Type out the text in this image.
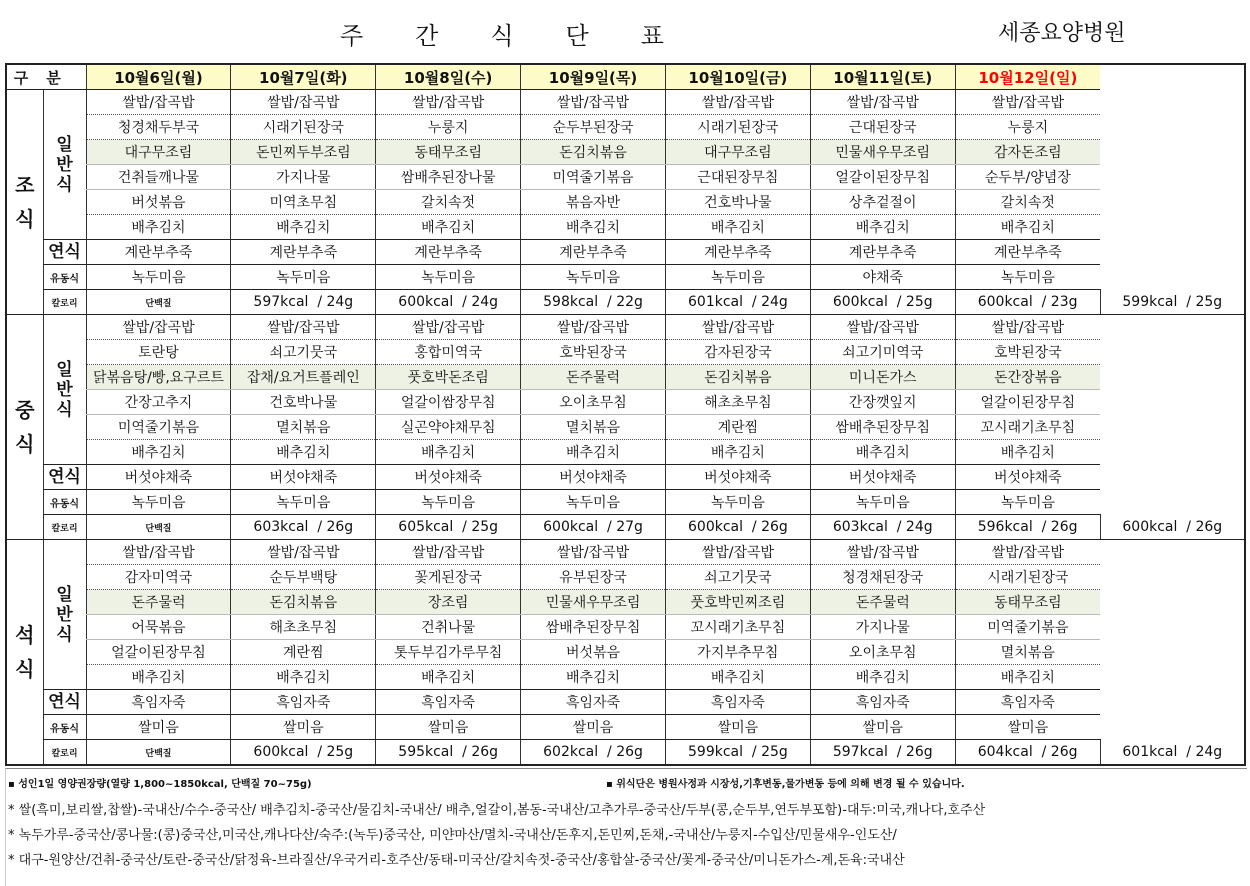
주간식단표	세종요양병원
구분		10월6일(월)	10월7일(화)	10월8일(수)	10월9일(목)	10월10일(금)	10월11일(토)	10월12일(일)	
조식	일반식	쌀밥/잡곡밥	쌀밥/잡곡밥	쌀밥/잡곡밥	쌀밥/잡곡밥	쌀밥/잡곡밥	쌀밥/잡곡밥	쌀밥/잡곡밥	
		청경채두부국	시래기된장국	누룽지	순두부된장국	시래기된장국	근대된장국	누룽지	
		대구무조림	돈민찌두부조림	동태무조림	돈김치볶음	대구무조림	민물새우무조림	감자돈조림	
		건취들깨나물	가지나물	쌈배추된장나물	미역줄기볶음	근대된장무침	얼갈이된장무침	순두부/양념장	
		버섯볶음	미역초무침	갈치속젓	볶음자반	건호박나물	상추겉절이	갈치속젓	
		배추김치	배추김치	배추김치	배추김치	배추김치	배추김치	배추김치	
	연식	계란부추죽	계란부추죽	계란부추죽	계란부추죽	계란부추죽	계란부추죽	계란부추죽	
	유동식	녹두미음	녹두미음	녹두미음	녹두미음	녹두미음	야채죽	녹두미음	
	칼로리	단백질	597kcal  / 24g	600kcal  / 24g	598kcal  / 22g	601kcal  / 24g	600kcal  / 25g	600kcal  / 23g	599kcal  / 25g
중식	일반식	쌀밥/잡곡밥	쌀밥/잡곡밥	쌀밥/잡곡밥	쌀밥/잡곡밥	쌀밥/잡곡밥	쌀밥/잡곡밥	쌀밥/잡곡밥	
		토란탕	쇠고기뭇국	홍합미역국	호박된장국	감자된장국	쇠고기미역국	호박된장국	
		닭볶음탕/빵,요구르트	잡채/요거트플레인	풋호박돈조림	돈주물럭	돈김치볶음	미니돈가스	돈간장볶음	
		간장고추지	건호박나물	얼갈이쌈장무침	오이초무침	해초초무침	간장깻잎지	얼갈이된장무침	
		미역줄기볶음	멸치볶음	실곤약야채무침	멸치볶음	계란찜	쌈배추된장무침	꼬시래기초무침	
		배추김치	배추김치	배추김치	배추김치	배추김치	배추김치	배추김치	
	연식	버섯야채죽	버섯야채죽	버섯야채죽	버섯야채죽	버섯야채죽	버섯야채죽	버섯야채죽	
	유동식	녹두미음	녹두미음	녹두미음	녹두미음	녹두미음	녹두미음	녹두미음	
	칼로리	단백질	603kcal  / 26g	605kcal  / 25g	600kcal  / 27g	600kcal  / 26g	603kcal  / 24g	596kcal  / 26g	600kcal  / 26g
석식	일반식	쌀밥/잡곡밥	쌀밥/잡곡밥	쌀밥/잡곡밥	쌀밥/잡곡밥	쌀밥/잡곡밥	쌀밥/잡곡밥	쌀밥/잡곡밥	
		감자미역국	순두부백탕	꽃게된장국	유부된장국	쇠고기뭇국	청경채된장국	시래기된장국	
		돈주물럭	돈김치볶음	장조림	민물새우무조림	풋호박민찌조림	돈주물럭	동태무조림	
		어묵볶음	해초초무침	건취나물	쌈배추된장무침	꼬시래기초무침	가지나물	미역줄기볶음	
		얼갈이된장무침	계란찜	톳두부김가루무침	버섯볶음	가지부추무침	오이초무침	멸치볶음	
		배추김치	배추김치	배추김치	배추김치	배추김치	배추김치	배추김치	
	연식	흑임자죽	흑임자죽	흑임자죽	흑임자죽	흑임자죽	흑임자죽	흑임자죽	
	유동식	쌀미음	쌀미음	쌀미음	쌀미음	쌀미음	쌀미음	쌀미음	
	칼로리	단백질	600kcal  / 25g	595kcal  / 26g	602kcal  / 26g	599kcal  / 25g	597kcal  / 26g	604kcal  / 26g	601kcal  / 24g
▪ 성인1일 영양권장량(열량 1,800~1850kcal, 단백질 70~75g)	▪ 위식단은 병원사정과 시장성,기후변동,물가변동 등에 의해 변경 될 수 있습니다.
* 쌀(흑미,보리쌀,찹쌀)-국내산/수수-중국산/ 배추김치-중국산/물김치-국내산/ 배추,얼갈이,봄동-국내산/고추가루-중국산/두부(콩,순두부,연두부포함)-대두:미국,캐나다,호주산
* 녹두가루-중국산/콩나물:(콩)중국산,미국산,캐나다산/숙주:(녹두)중국산, 미얀마산/멸치-국내산/돈후지,돈민찌,돈채,-국내산/누룽지-수입산/민물새우-인도산/
* 대구-원양산/건취-중국산/토란-중국산/닭정육-브라질산/우국거리-호주산/동태-미국산/갈치속젓-중국산/홍합살-중국산/꽃게-중국산/미니돈가스-계,돈육:국내산
